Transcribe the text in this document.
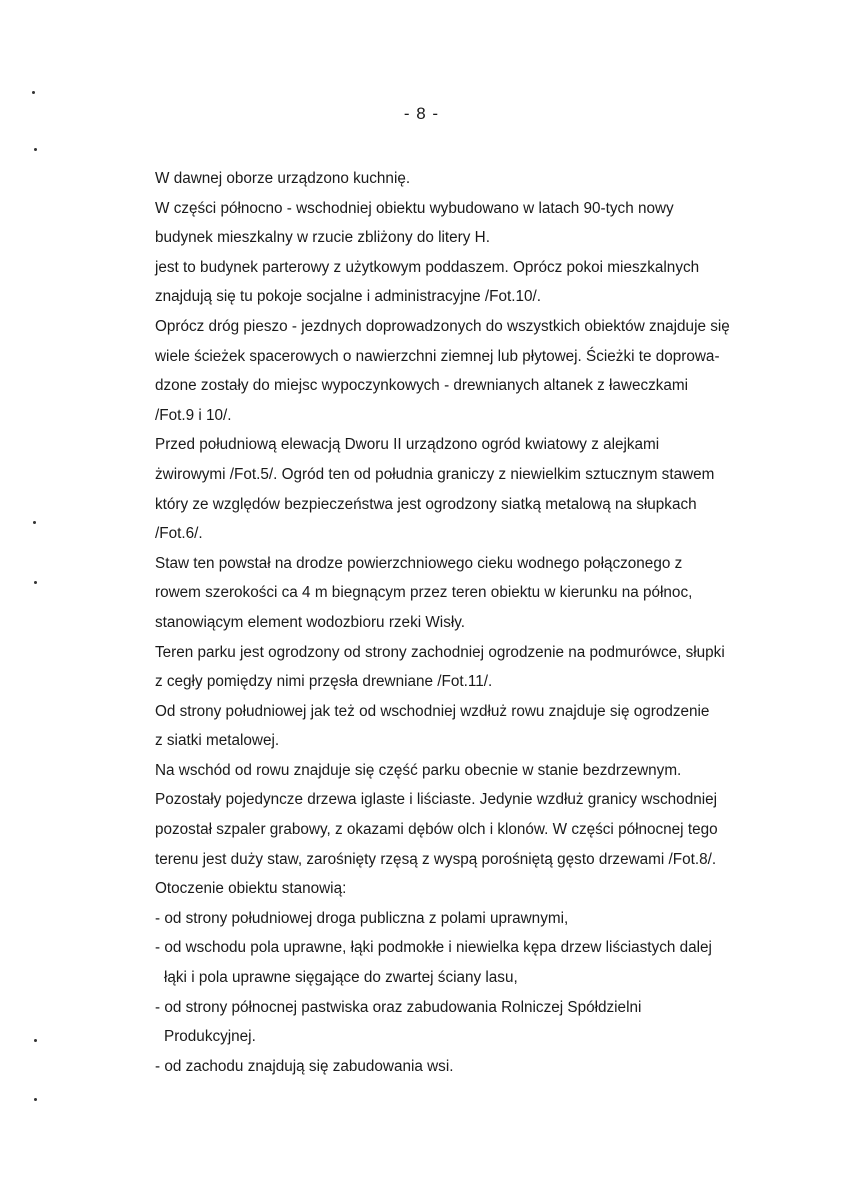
- 8 -
W dawnej oborze urządzono kuchnię.
W części północno - wschodniej obiektu wybudowano w latach 90-tych nowy
budynek mieszkalny w rzucie zbliżony do litery H.
jest to budynek parterowy z użytkowym poddaszem. Oprócz pokoi mieszkalnych
znajdują się tu pokoje socjalne i administracyjne /Fot.10/.
Oprócz dróg pieszo - jezdnych doprowadzonych do wszystkich obiektów znajduje się
wiele ścieżek spacerowych o nawierzchni ziemnej lub płytowej. Ścieżki te doprowa-
dzone zostały do miejsc wypoczynkowych - drewnianych altanek z ławeczkami
/Fot.9 i 10/.
Przed południową elewacją Dworu II urządzono ogród kwiatowy z alejkami
żwirowymi /Fot.5/. Ogród ten od południa graniczy z niewielkim sztucznym stawem
który ze względów bezpieczeństwa jest ogrodzony siatką metalową na słupkach
/Fot.6/.
Staw ten powstał na drodze powierzchniowego cieku wodnego połączonego z
rowem szerokości ca 4 m biegnącym przez teren obiektu w kierunku na północ,
stanowiącym element wodozbioru rzeki Wisły.
Teren parku jest ogrodzony od strony zachodniej ogrodzenie na podmurówce, słupki
z cegły pomiędzy nimi przęsła drewniane /Fot.11/.
Od strony południowej jak też od wschodniej wzdłuż rowu znajduje się ogrodzenie
z siatki metalowej.
Na wschód od rowu znajduje się część parku obecnie w stanie bezdrzewnym.
Pozostały pojedyncze drzewa iglaste i liściaste. Jedynie wzdłuż granicy wschodniej
pozostał szpaler grabowy, z okazami dębów olch i klonów. W części północnej tego
terenu jest duży staw, zarośnięty rzęsą z wyspą porośniętą gęsto drzewami /Fot.8/.
Otoczenie obiektu stanowią:
- od strony południowej droga publiczna z polami uprawnymi,
- od wschodu pola uprawne, łąki podmokłe i niewielka kępa drzew liściastych dalej
łąki i pola uprawne sięgające do zwartej ściany lasu,
- od strony północnej pastwiska oraz zabudowania Rolniczej Spółdzielni
Produkcyjnej.
- od zachodu znajdują się zabudowania wsi.
